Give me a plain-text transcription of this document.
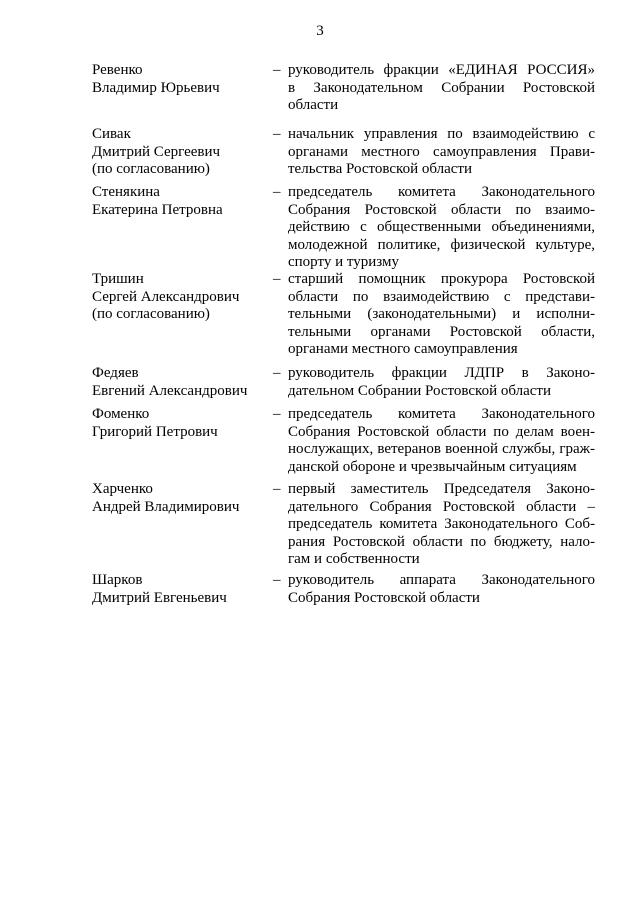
3
Ревенко
Владимир Юрьевич
– руководитель фракции «ЕДИНАЯ РОССИЯ»
в Законодательном Собрании Ростовской
области
Сивак
Дмитрий Сергеевич
(по согласованию)
– начальник управления по взаимодействию с
органами местного самоуправления Прави-
тельства Ростовской области
Стенякина
Екатерина Петровна
– председатель комитета Законодательного
Собрания Ростовской области по взаимо-
действию с общественными объединениями,
молодежной политике, физической культуре,
спорту и туризму
Тришин
Сергей Александрович
(по согласованию)
– старший помощник прокурора Ростовской
области по взаимодействию с представи-
тельными (законодательными) и исполни-
тельными органами Ростовской области,
органами местного самоуправления
Федяев
Евгений Александрович
– руководитель фракции ЛДПР в Законо-
дательном Собрании Ростовской области
Фоменко
Григорий Петрович
– председатель комитета Законодательного
Собрания Ростовской области по делам воен-
нослужащих, ветеранов военной службы, граж-
данской обороне и чрезвычайным ситуациям
Харченко
Андрей Владимирович
– первый заместитель Председателя Законо-
дательного Собрания Ростовской области –
председатель комитета Законодательного Соб-
рания Ростовской области по бюджету, нало-
гам и собственности
Шарков
Дмитрий Евгеньевич
– руководитель аппарата Законодательного
Собрания Ростовской области
